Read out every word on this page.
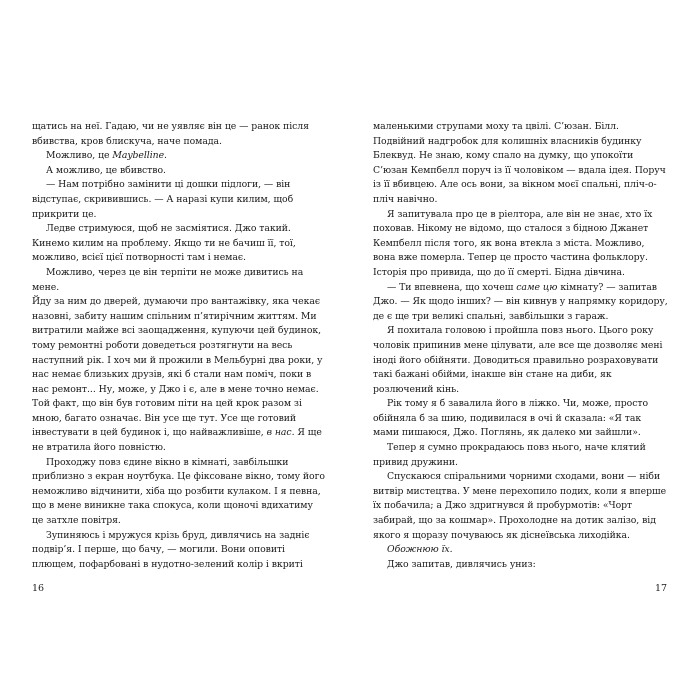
щатись на неї. Гадаю, чи не уявляє він це — ранок після вбивства, кров блискуча, наче помада.

Можливо, це Maybelline.

А можливо, це вбивство.

— Нам потрібно замінити ці дошки підлоги, — він відступає, скривившись. — А наразі купи килим, щоб прикрити це.

Ледве стримуюся, щоб не засміятися. Джо такий. Кинемо килим на проблему. Якщо ти не бачиш її, тої, можливо, всієї цієї потворності там і немає.

Можливо, через це він терпіти не може дивитись на мене.

Йду за ним до дверей, думаючи про вантажівку, яка чекає назовні, забиту нашим спільним п’ятирічним життям. Ми витратили майже всі заощадження, купуючи цей будинок, тому ремонтні роботи доведеться розтягнути на весь наступний рік. І хоч ми й прожили в Мельбурні два роки, у нас немає близьких друзів, які б стали нам поміч, поки в нас ремонт... Ну, може, у Джо і є, але в мене точно немає. Той факт, що він був готовим піти на цей крок разом зі мною, багато означає. Він усе ще тут. Усе ще готовий інвестувати в цей будинок і, що найважливіше, в нас. Я ще не втратила його повністю.

Проходжу повз єдине вікно в кімнаті, завбільшки приблизно з екран ноутбука. Це фіксоване вікно, тому його неможливо відчинити, хіба що розбити кулаком. І я певна, що в мене виникне така спокуса, коли щоночі вдихатиму це затхле повітря.

Зупиняюсь і мружуся крізь бруд, дивлячись на задніє подвір’я. І перше, що бачу, — могили. Вони оповиті плющем, пофарбовані в нудотно-зелений колір і вкриті

маленькими струпами моху та цвілі. С’юзан. Білл. Подвійний надгробок для колишніх власників будинку Блеквуд. Не знаю, кому спало на думку, що упокоїти С’юзан Кемпбелл поруч із її чоловіком — вдала ідея. Поруч із її вбивцею. Але ось вони, за вікном моєї спальні, пліч-о-пліч навічно.

Я запитувала про це в ріелтора, але він не знає, хто їх поховав. Нікому не відомо, що сталося з бідною Джанет Кемпбелл після того, як вона втекла з міста. Можливо, вона вже померла. Тепер це просто частина фольклору. Історія про привида, що до її смерті. Бідна дівчина.

— Ти впевнена, що хочеш саме цю кімнату? — запитав Джо. — Як щодо інших? — він кивнув у напрямку коридору, де є ще три великі спальні, завбільшки з гараж.

Я похитала головою і пройшла повз нього. Цього року чоловік припинив мене цілувати, але все ще дозволяє мені іноді його обійняти. Доводиться правильно розраховувати такі бажані обійми, інакше він стане на диби, як розлючений кінь.

Рік тому я б завалила його в ліжко. Чи, може, просто обійняла б за шию, подивилася в очі й сказала: «Я так мами пишаюся, Джо. Поглянь, як далеко ми зайшли».

Тепер я сумно прокрадаюсь повз нього, наче клятий привид дружини.

Спускаюся спіральними чорними сходами, вони — ніби витвір мистецтва. У мене перехопило подих, коли я вперше їх побачила; а Джо здригнувся й пробурмотів: «Чорт забирай, що за кошмар». Прохолодне на дотик залізо, від якого я щоразу почуваюсь як діснеївська лиходійка.

Обожнюю їх.

Джо запитав, дивлячись униз:

16	17
